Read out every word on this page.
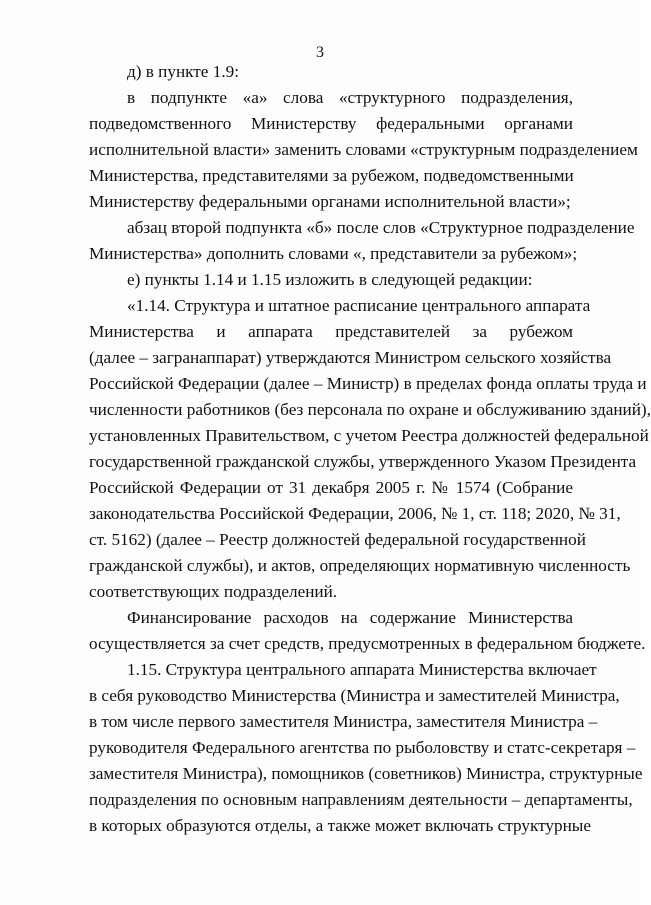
3
д) в пункте 1.9:
в подпункте «а» слова «структурного подразделения,
подведомственного Министерству федеральными органами
исполнительной власти» заменить словами «структурным подразделением
Министерства, представителями за рубежом, подведомственными
Министерству федеральными органами исполнительной власти»;
абзац второй подпункта «б» после слов «Структурное подразделение
Министерства» дополнить словами «, представители за рубежом»;
е) пункты 1.14 и 1.15 изложить в следующей редакции:
«1.14. Структура и штатное расписание центрального аппарата
Министерства и аппарата представителей за рубежом
(далее – загранаппарат) утверждаются Министром сельского хозяйства
Российской Федерации (далее – Министр) в пределах фонда оплаты труда и
численности работников (без персонала по охране и обслуживанию зданий),
установленных Правительством, с учетом Реестра должностей федеральной
государственной гражданской службы, утвержденного Указом Президента
Российской Федерации от 31 декабря 2005 г. № 1574 (Собрание
законодательства Российской Федерации, 2006, № 1, ст. 118; 2020, № 31,
ст. 5162) (далее – Реестр должностей федеральной государственной
гражданской службы), и актов, определяющих нормативную численность
соответствующих подразделений.
Финансирование расходов на содержание Министерства
осуществляется за счет средств, предусмотренных в федеральном бюджете.
1.15. Структура центрального аппарата Министерства включает
в себя руководство Министерства (Министра и заместителей Министра,
в том числе первого заместителя Министра, заместителя Министра –
руководителя Федерального агентства по рыболовству и статс-секретаря –
заместителя Министра), помощников (советников) Министра, структурные
подразделения по основным направлениям деятельности – департаменты,
в которых образуются отделы, а также может включать структурные
